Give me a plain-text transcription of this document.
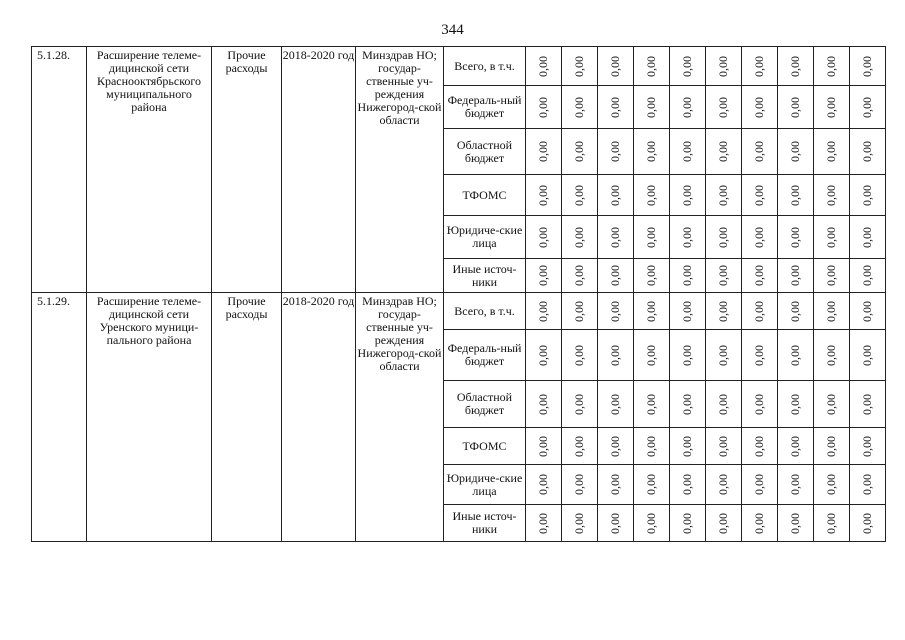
344
5.1.28.	Расширение телеме-дицинской сети Краснооктябрьского муниципального района	Прочие расходы	2018-2020 год	Минздрав НО; государ-ственные уч-реждения Нижегород-ской области	Всего, в т.ч.	0,00	0,00	0,00	0,00	0,00	0,00	0,00	0,00	0,00	0,00
					Федераль-ный бюджет	0,00	0,00	0,00	0,00	0,00	0,00	0,00	0,00	0,00	0,00
					Областной бюджет	0,00	0,00	0,00	0,00	0,00	0,00	0,00	0,00	0,00	0,00
					ТФОМС	0,00	0,00	0,00	0,00	0,00	0,00	0,00	0,00	0,00	0,00
					Юридиче-ские лица	0,00	0,00	0,00	0,00	0,00	0,00	0,00	0,00	0,00	0,00
					Иные источ-ники	0,00	0,00	0,00	0,00	0,00	0,00	0,00	0,00	0,00	0,00
5.1.29.	Расширение телеме-дицинской сети Уренского муници-пального района	Прочие расходы	2018-2020 год	Минздрав НО; государ-ственные уч-реждения Нижегород-ской области	Всего, в т.ч.	0,00	0,00	0,00	0,00	0,00	0,00	0,00	0,00	0,00	0,00
					Федераль-ный бюджет	0,00	0,00	0,00	0,00	0,00	0,00	0,00	0,00	0,00	0,00
					Областной бюджет	0,00	0,00	0,00	0,00	0,00	0,00	0,00	0,00	0,00	0,00
					ТФОМС	0,00	0,00	0,00	0,00	0,00	0,00	0,00	0,00	0,00	0,00
					Юридиче-ские лица	0,00	0,00	0,00	0,00	0,00	0,00	0,00	0,00	0,00	0,00
					Иные источ-ники	0,00	0,00	0,00	0,00	0,00	0,00	0,00	0,00	0,00	0,00
